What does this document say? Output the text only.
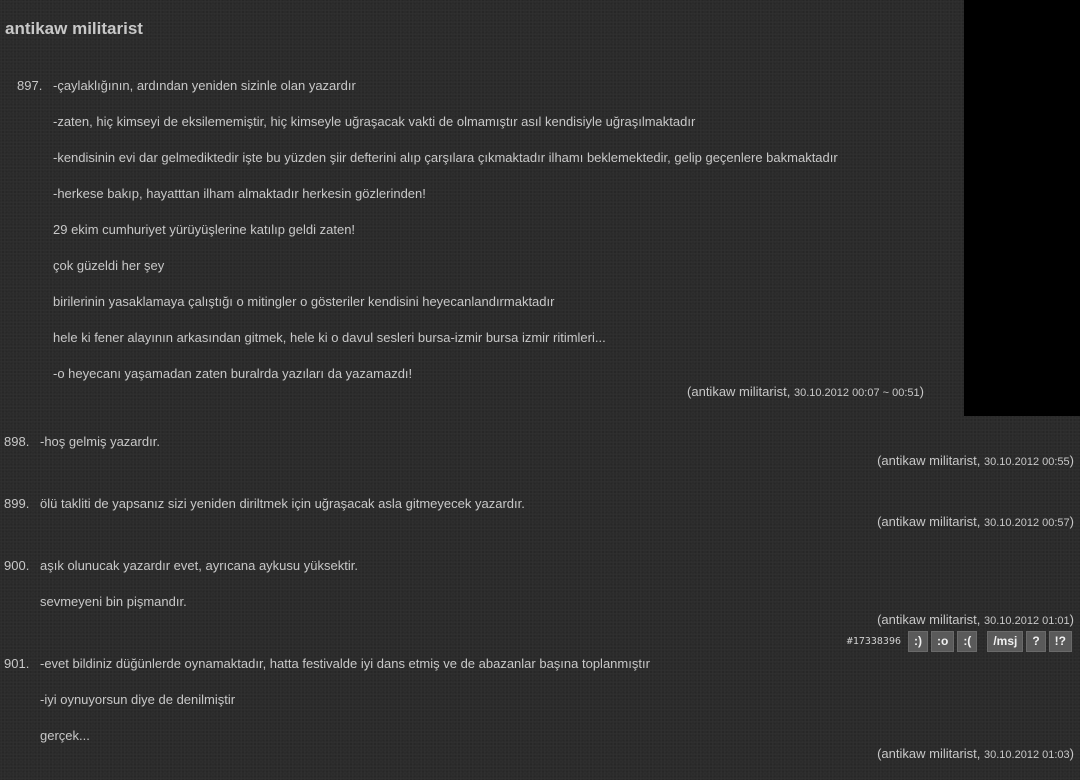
antikaw militarist
897. -çaylaklığının, ardından yeniden sizinle olan yazardır
-zaten, hiç kimseyi de eksilememiştir, hiç kimseyle uğraşacak vakti de olmamıştır asıl kendisiyle uğraşılmaktadır
-kendisinin evi dar gelmediktedir işte bu yüzden şiir defterini alıp çarşılara çıkmaktadır ilhamı beklemektedir, gelip geçenlere bakmaktadır
-herkese bakıp, hayatttan ilham almaktadır herkesin gözlerinden!
29 ekim cumhuriyet yürüyüşlerine katılıp geldi zaten!
çok güzeldi her şey
birilerinin yasaklamaya çalıştığı o mitingler o gösteriler kendisini heyecanlandırmaktadır
hele ki fener alayının arkasından gitmek, hele ki o davul sesleri bursa-izmir bursa izmir ritimleri...
-o heyecanı yaşamadan zaten buralrda yazıları da yazamazdı!
(antikaw militarist, 30.10.2012 00:07 ~ 00:51)
898. -hoş gelmiş yazardır.
(antikaw militarist, 30.10.2012 00:55)
899. ölü takliti de yapsanız sizi yeniden diriltmek için uğraşacak asla gitmeyecek yazardır.
(antikaw militarist, 30.10.2012 00:57)
900. aşık olunucak yazardır evet, ayrıcana aykusu yüksektir.
sevmeyeni bin pişmandır.
(antikaw militarist, 30.10.2012 01:01)
#17338396	:)	:o	:(	/msj	?	!?
901. -evet bildiniz düğünlerde oynamaktadır, hatta festivalde iyi dans etmiş ve de abazanlar başına toplanmıştır
-iyi oynuyorsun diye de denilmiştir
gerçek...
(antikaw militarist, 30.10.2012 01:03)
